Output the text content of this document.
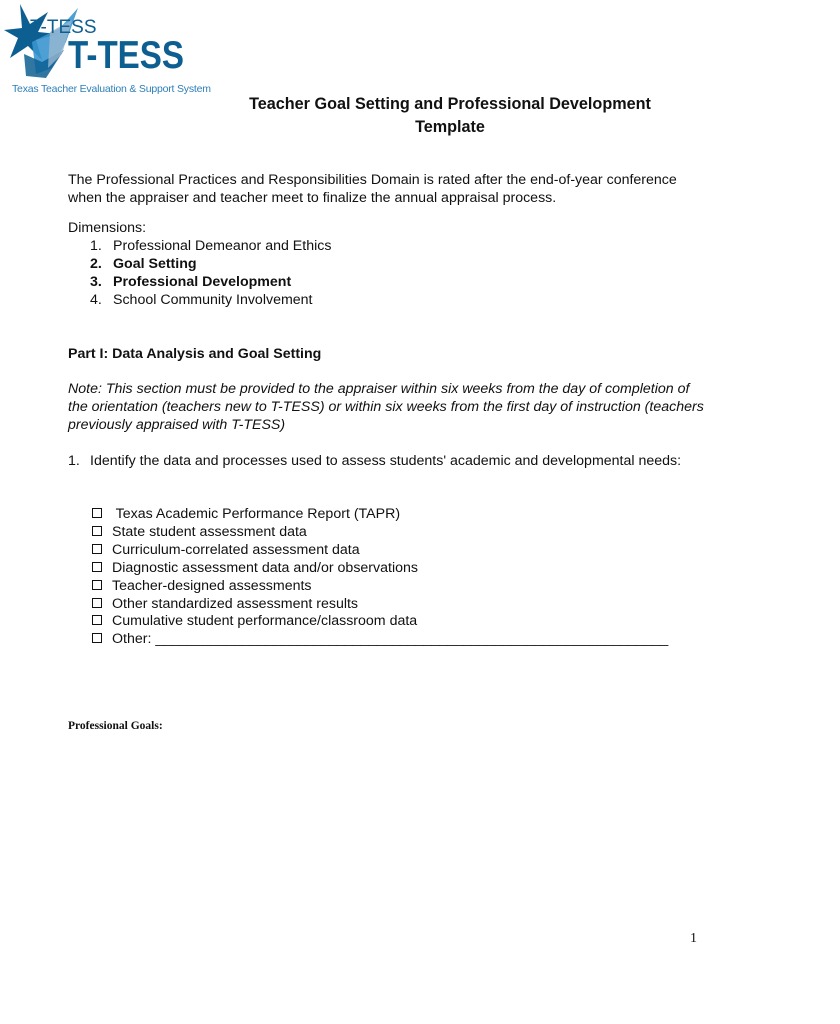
T-TESS
T-TESS
Texas Teacher Evaluation & Support System
Teacher Goal Setting and Professional Development
Template
The Professional Practices and Responsibilities Domain is rated after the end-of-year conference when the appraiser and teacher meet to finalize the annual appraisal process.
Dimensions:
1. Professional Demeanor and Ethics
2. Goal Setting
3. Professional Development
4. School Community Involvement
Part I: Data Analysis and Goal Setting
Note: This section must be provided to the appraiser within six weeks from the day of completion of the orientation (teachers new to T-TESS) or within six weeks from the first day of instruction (teachers previously appraised with T-TESS)
1. Identify the data and processes used to assess students' academic and developmental needs:
Texas Academic Performance Report (TAPR)
State student assessment data
Curriculum-correlated assessment data
Diagnostic assessment data and/or observations
Teacher-designed assessments
Other standardized assessment results
Cumulative student performance/classroom data
Other: _________________________________________________________________
Professional Goals:
1
